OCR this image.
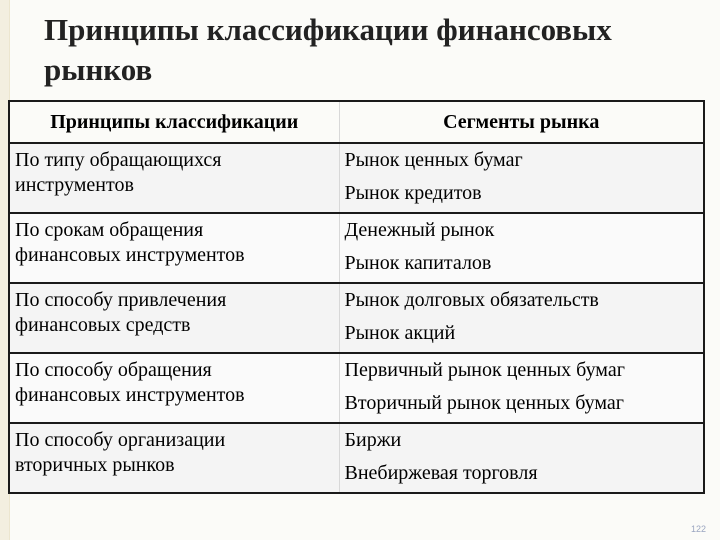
Принципы классификации финансовых рынков
Принципы классификации	Сегменты рынка

По типу обращающихся
инструментов	Рынок ценных бумаг
Рынок кредитов

По срокам обращения
финансовых инструментов	Денежный рынок
Рынок капиталов

По способу привлечения
финансовых средств	Рынок долговых обязательств
Рынок акций

По способу обращения
финансовых инструментов	Первичный рынок ценных бумаг
Вторичный рынок ценных бумаг

По способу организации
вторичных рынков	Биржи
Внебиржевая торговля
122
